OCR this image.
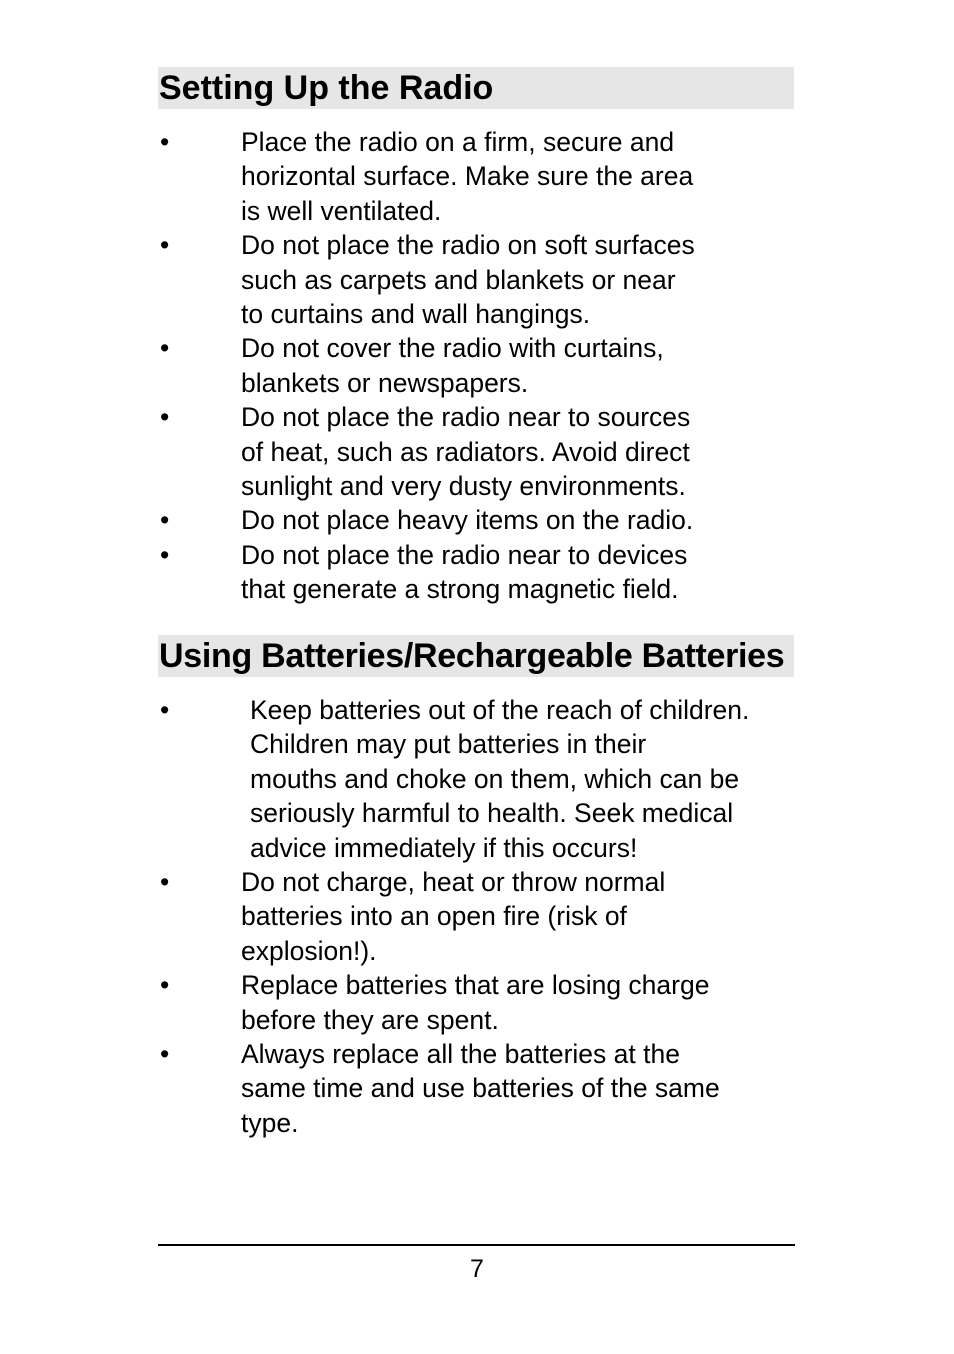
Setting Up the Radio
•	Place the radio on a firm, secure and
horizontal surface. Make sure the area
is well ventilated.
•	Do not place the radio on soft surfaces
such as carpets and blankets or near
to curtains and wall hangings.
•	Do not cover the radio with curtains,
blankets or newspapers.
•	Do not place the radio near to sources
of heat, such as radiators. Avoid direct
sunlight and very dusty environments.
•	Do not place heavy items on the radio.
•	Do not place the radio near to devices
that generate a strong magnetic field.
Using Batteries/Rechargeable Batteries
•	Keep batteries out of the reach of children.
Children may put batteries in their
mouths and choke on them, which can be
seriously harmful to health. Seek medical
advice immediately if this occurs!
•	Do not charge, heat or throw normal
batteries into an open fire (risk of
explosion!).
•	Replace batteries that are losing charge
before they are spent.
•	Always replace all the batteries at the
same time and use batteries of the same
type.
7
